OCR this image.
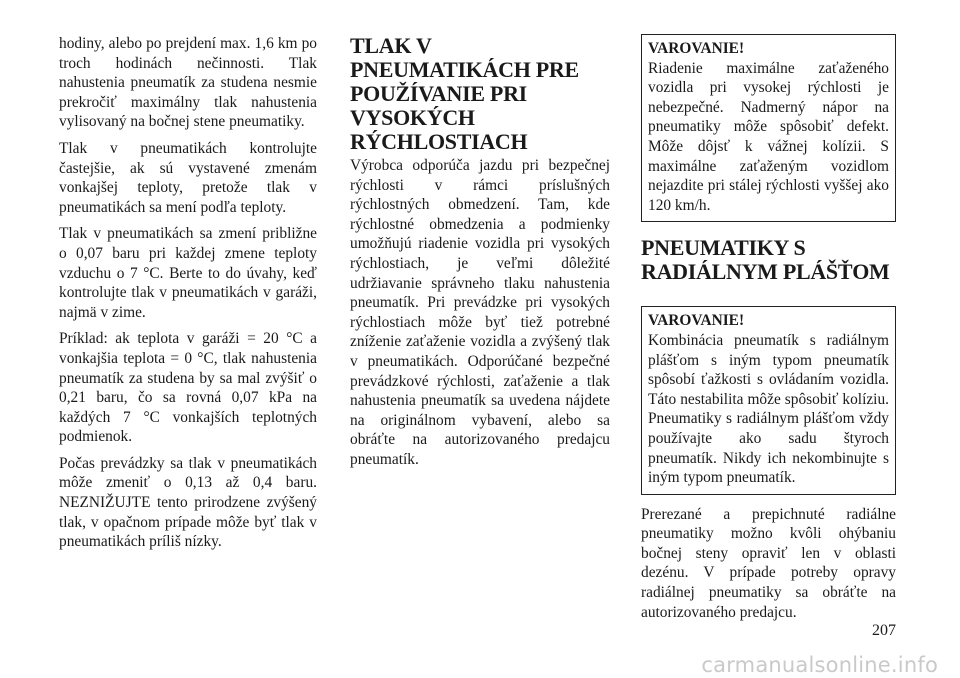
hodiny, alebo po prejdení max. 1,6 km po troch hodinách nečinnosti. Tlak nahustenia pneumatík za studena nesmie prekročiť maximálny tlak nahustenia vylisovaný na bočnej stene pneumatiky.

Tlak v pneumatikách kontrolujte častejšie, ak sú vystavené zmenám vonkajšej teploty, pretože tlak v pneumatikách sa mení podľa teploty.

Tlak v pneumatikách sa zmení približne o 0,07 baru pri každej zmene teploty vzduchu o 7 °C. Berte to do úvahy, keď kontrolujte tlak v pneumatikách v garáži, najmä v zime.

Príklad: ak teplota v garáži = 20 °C a vonkajšia teplota = 0 °C, tlak nahustenia pneumatík za studena by sa mal zvýšiť o 0,21 baru, čo sa rovná 0,07 kPa na každých 7 °C vonkajších teplotných podmienok.

Počas prevádzky sa tlak v pneumatikách môže zmeniť o 0,13 až 0,4 baru. NEZNIŽUJTE tento prirodzene zvýšený tlak, v opačnom prípade môže byť tlak v pneumatikách príliš nízky.

TLAK V PNEUMATIKÁCH PRE POUŽÍVANIE PRI VYSOKÝCH RÝCHLOSTIACH

Výrobca odporúča jazdu pri bezpečnej rýchlosti v rámci príslušných rýchlostných obmedzení. Tam, kde rýchlostné obmedzenia a podmienky umožňujú riadenie vozidla pri vysokých rýchlostiach, je veľmi dôležité udržiavanie správneho tlaku nahustenia pneumatík. Pri prevádzke pri vysokých rýchlostiach môže byť tiež potrebné zníženie zaťaženie vozidla a zvýšený tlak v pneumatikách. Odporúčané bezpečné prevádzkové rýchlosti, zaťaženie a tlak nahustenia pneumatík sa uvedena nájdete na originálnom vybavení, alebo sa obráťte na autorizovaného predajcu pneumatík.

VAROVANIE!

Riadenie maximálne zaťaženého vozidla pri vysokej rýchlosti je nebezpečné. Nadmerný nápor na pneumatiky môže spôsobiť defekt. Môže dôjsť k vážnej kolízii. S maximálne zaťaženým vozidlom nejazdite pri stálej rýchlosti vyššej ako 120 km/h.

PNEUMATIKY S RADIÁLNYM PLÁŠŤOM
VAROVANIE!

Kombinácia pneumatík s radiálnym plášťom s iným typom pneumatík spôsobí ťažkosti s ovládaním vozidla. Táto nestabilita môže spôsobiť kolíziu. Pneumatiky s radiálnym plášťom vždy používajte ako sadu štyroch pneumatík. Nikdy ich nekombinujte s iným typom pneumatík.

Prerezané a prepichnuté radiálne pneumatiky možno kvôli ohýbaniu bočnej steny opraviť len v oblasti dezénu. V prípade potreby opravy radiálnej pneumatiky sa obráťte na autorizovaného predajcu.

207
carmanualsonline.info
